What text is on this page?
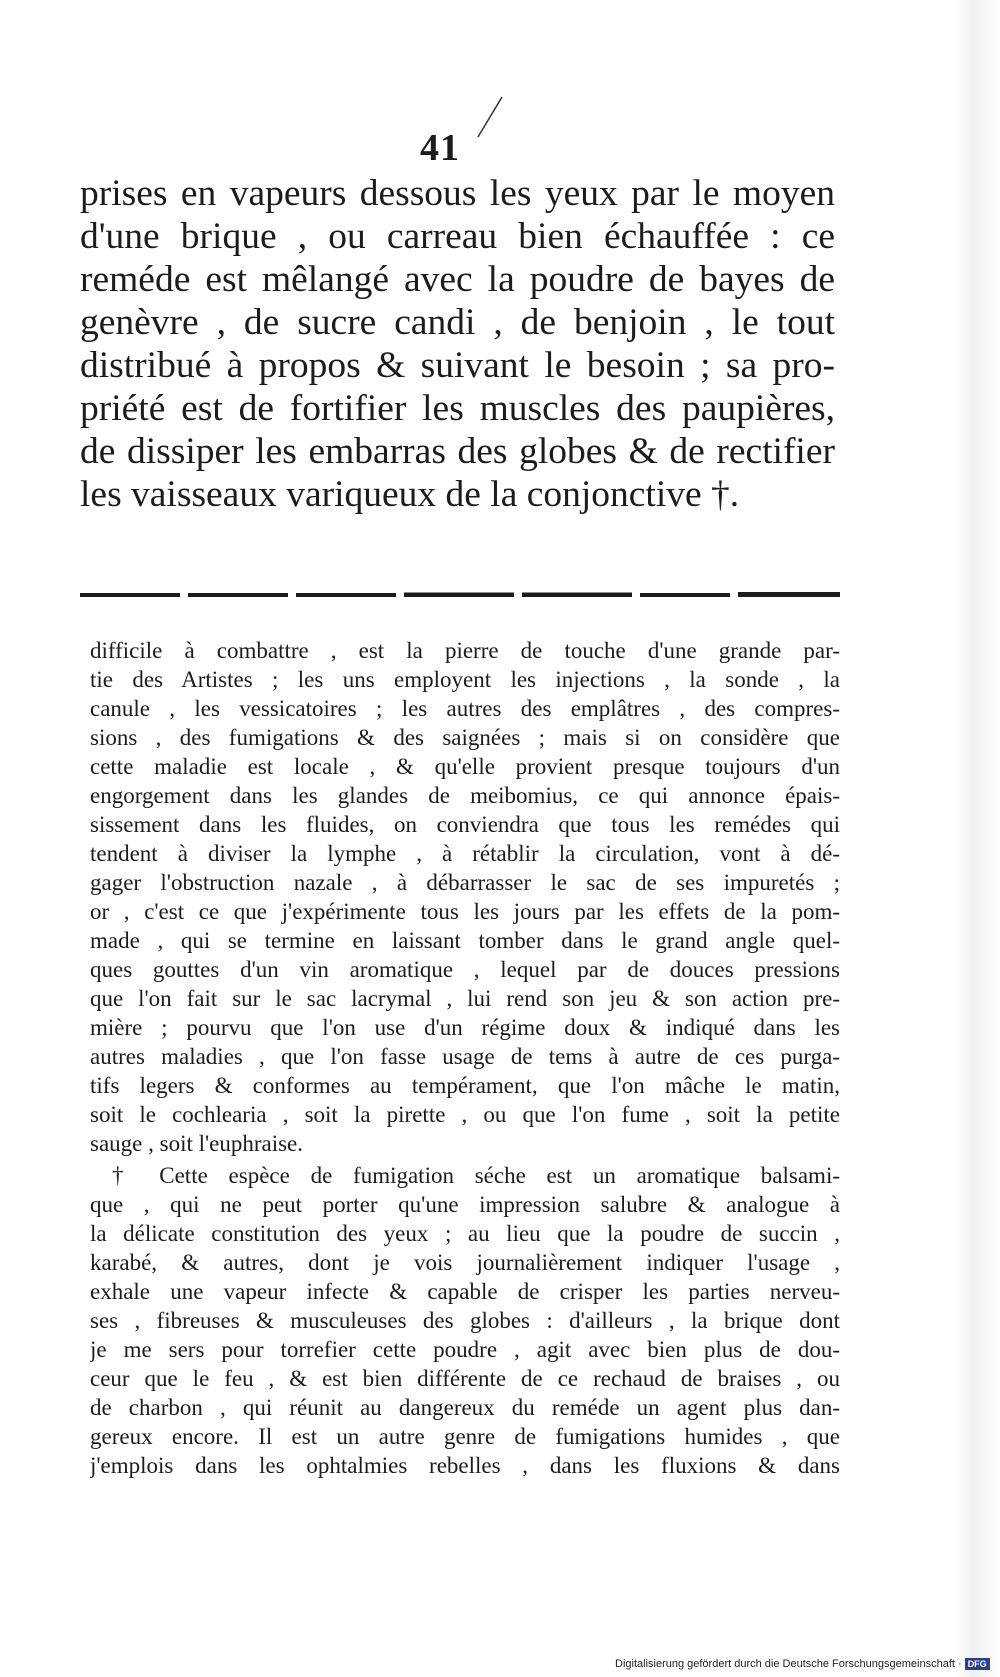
41
prises en vapeurs dessous les yeux par le moyen
d'une brique , ou carreau bien échauffée : ce
reméde est mêlangé avec la poudre de bayes de
genèvre , de sucre candi , de benjoin , le tout
distribué à propos & suivant le besoin ; sa pro-
priété est de fortifier les muscles des paupières,
de dissiper les embarras des globes & de rectifier
les vaisseaux variqueux de la conjonctive †.
difficile à combattre , est la pierre de touche d'une grande par-
tie des Artistes ; les uns employent les injections , la sonde , la
canule , les vessicatoires ; les autres des emplâtres , des compres-
sions , des fumigations & des saignées ; mais si on considère que
cette maladie est locale , & qu'elle provient presque toujours d'un
engorgement dans les glandes de meibomius, ce qui annonce épais-
sissement dans les fluides, on conviendra que tous les remédes qui
tendent à diviser la lymphe , à rétablir la circulation, vont à dé-
gager l'obstruction nazale , à débarrasser le sac de ses impuretés ;
or , c'est ce que j'expérimente tous les jours par les effets de la pom-
made , qui se termine en laissant tomber dans le grand angle quel-
ques gouttes d'un vin aromatique , lequel par de douces pressions
que l'on fait sur le sac lacrymal , lui rend son jeu & son action pre-
mière ; pourvu que l'on use d'un régime doux & indiqué dans les
autres maladies , que l'on fasse usage de tems à autre de ces purga-
tifs legers & conformes au tempérament, que l'on mâche le matin,
soit le cochlearia , soit la pirette , ou que l'on fume , soit la petite
sauge , soit l'euphraise.
† Cette espèce de fumigation séche est un aromatique balsami-
que , qui ne peut porter qu'une impression salubre & analogue à
la délicate constitution des yeux ; au lieu que la poudre de succin ,
karabé, & autres, dont je vois journalièrement indiquer l'usage ,
exhale une vapeur infecte & capable de crisper les parties nerveu-
ses , fibreuses & musculeuses des globes : d'ailleurs , la brique dont
je me sers pour torrefier cette poudre , agit avec bien plus de dou-
ceur que le feu , & est bien différente de ce rechaud de braises , ou
de charbon , qui réunit au dangereux du reméde un agent plus dan-
gereux encore. Il est un autre genre de fumigations humides , que
j'emplois dans les ophtalmies rebelles , dans les fluxions & dans
Digitalisierung gefördert durch die Deutsche Forschungsgemeinschaft · DFG
